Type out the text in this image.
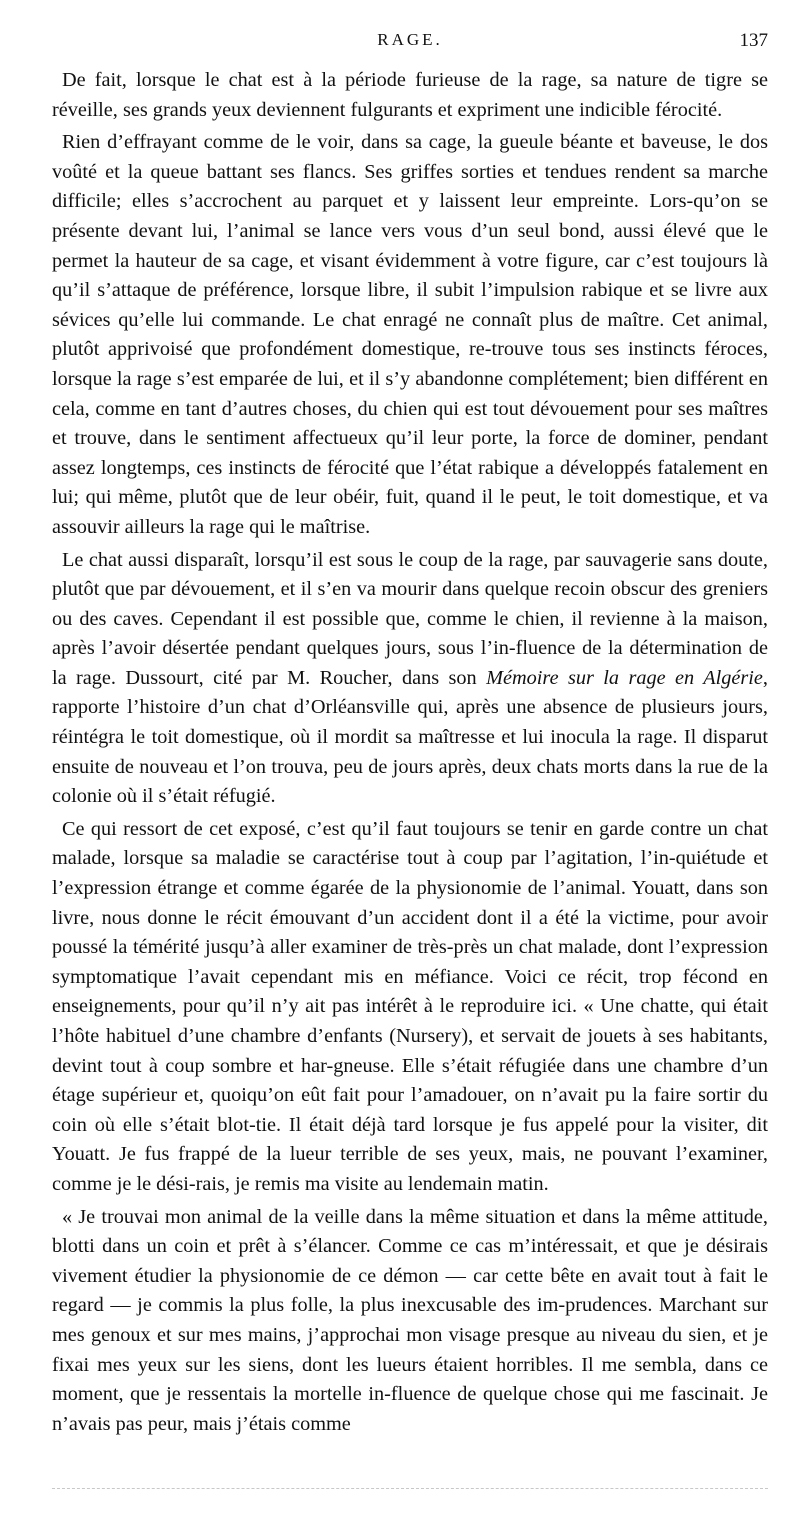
RAGE.	137

De fait, lorsque le chat est à la période furieuse de la rage, sa nature de tigre se réveille, ses grands yeux deviennent fulgurants et expriment une indicible férocité.

Rien d’effrayant comme de le voir, dans sa cage, la gueule béante et baveuse, le dos voûté et la queue battant ses flancs. Ses griffes sorties et tendues rendent sa marche difficile; elles s’accrochent au parquet et y laissent leur empreinte. Lors-qu’on se présente devant lui, l’animal se lance vers vous d’un seul bond, aussi élevé que le permet la hauteur de sa cage, et visant évidemment à votre figure, car c’est toujours là qu’il s’attaque de préférence, lorsque libre, il subit l’impulsion rabique et se livre aux sévices qu’elle lui commande. Le chat enragé ne connaît plus de maître. Cet animal, plutôt apprivoisé que profondément domestique, re-trouve tous ses instincts féroces, lorsque la rage s’est emparée de lui, et il s’y abandonne complétement; bien différent en cela, comme en tant d’autres choses, du chien qui est tout dévouement pour ses maîtres et trouve, dans le sentiment affectueux qu’il leur porte, la force de dominer, pendant assez longtemps, ces instincts de férocité que l’état rabique a développés fatalement en lui; qui même, plutôt que de leur obéir, fuit, quand il le peut, le toit domestique, et va assouvir ailleurs la rage qui le maîtrise.

Le chat aussi disparaît, lorsqu’il est sous le coup de la rage, par sauvagerie sans doute, plutôt que par dévouement, et il s’en va mourir dans quelque recoin obscur des greniers ou des caves. Cependant il est possible que, comme le chien, il revienne à la maison, après l’avoir désertée pendant quelques jours, sous l’in-fluence de la détermination de la rage. Dussourt, cité par M. Roucher, dans son Mémoire sur la rage en Algérie, rapporte l’histoire d’un chat d’Orléansville qui, après une absence de plusieurs jours, réintégra le toit domestique, où il mordit sa maîtresse et lui inocula la rage. Il disparut ensuite de nouveau et l’on trouva, peu de jours après, deux chats morts dans la rue de la colonie où il s’était réfugié.

Ce qui ressort de cet exposé, c’est qu’il faut toujours se tenir en garde contre un chat malade, lorsque sa maladie se caractérise tout à coup par l’agitation, l’in-quiétude et l’expression étrange et comme égarée de la physionomie de l’animal. Youatt, dans son livre, nous donne le récit émouvant d’un accident dont il a été la victime, pour avoir poussé la témérité jusqu’à aller examiner de très-près un chat malade, dont l’expression symptomatique l’avait cependant mis en méfiance. Voici ce récit, trop fécond en enseignements, pour qu’il n’y ait pas intérêt à le reproduire ici. « Une chatte, qui était l’hôte habituel d’une chambre d’enfants (Nursery), et servait de jouets à ses habitants, devint tout à coup sombre et har-gneuse. Elle s’était réfugiée dans une chambre d’un étage supérieur et, quoiqu’on eût fait pour l’amadouer, on n’avait pu la faire sortir du coin où elle s’était blot-tie. Il était déjà tard lorsque je fus appelé pour la visiter, dit Youatt. Je fus frappé de la lueur terrible de ses yeux, mais, ne pouvant l’examiner, comme je le dési-rais, je remis ma visite au lendemain matin.

« Je trouvai mon animal de la veille dans la même situation et dans la même attitude, blotti dans un coin et prêt à s’élancer. Comme ce cas m’intéressait, et que je désirais vivement étudier la physionomie de ce démon — car cette bête en avait tout à fait le regard — je commis la plus folle, la plus inexcusable des im-prudences. Marchant sur mes genoux et sur mes mains, j’approchai mon visage presque au niveau du sien, et je fixai mes yeux sur les siens, dont les lueurs étaient horribles. Il me sembla, dans ce moment, que je ressentais la mortelle in-fluence de quelque chose qui me fascinait. Je n’avais pas peur, mais j’étais comme
